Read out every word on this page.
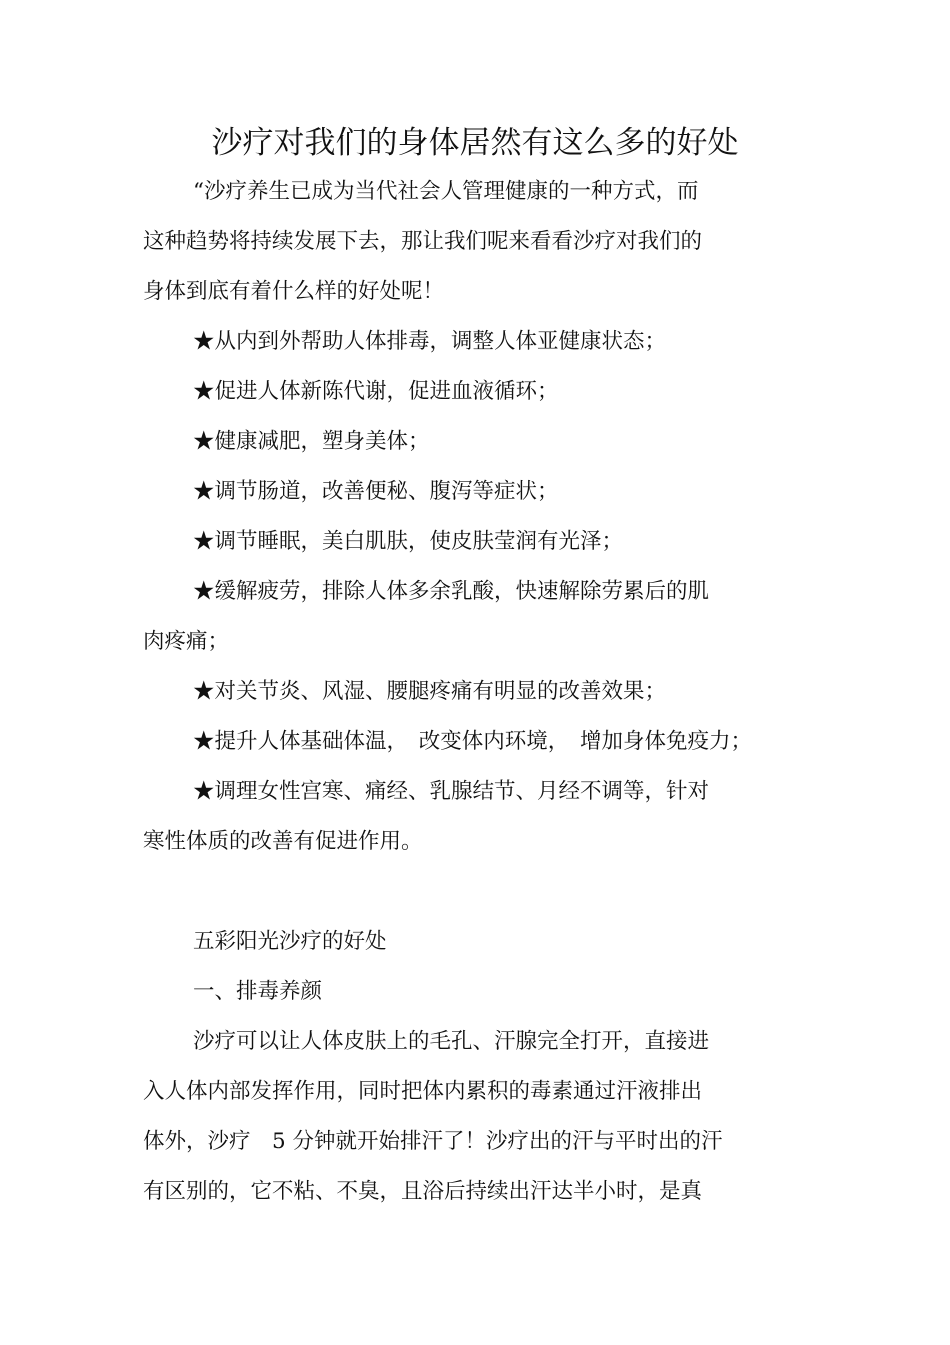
沙疗对我们的身体居然有这么多的好处
“沙疗养生已成为当代社会人管理健康的一种方式，而
这种趋势将持续发展下去，那让我们呢来看看沙疗对我们的
身体到底有着什么样的好处呢！
★从内到外帮助人体排毒，调整人体亚健康状态；
★促进人体新陈代谢，促进血液循环；
★健康减肥，塑身美体；
★调节肠道，改善便秘、腹泻等症状；
★调节睡眠，美白肌肤，使皮肤莹润有光泽；
★缓解疲劳，排除人体多余乳酸，快速解除劳累后的肌
肉疼痛；
★对关节炎、风湿、腰腿疼痛有明显的改善效果；
★提升人体基础体温，　改变体内环境，　增加身体免疫力；
★调理女性宫寒、痛经、乳腺结节、月经不调等，针对
寒性体质的改善有促进作用。
五彩阳光沙疗的好处
一、排毒养颜
沙疗可以让人体皮肤上的毛孔、汗腺完全打开，直接进
入人体内部发挥作用，同时把体内累积的毒素通过汗液排出
体外，沙疗　5 分钟就开始排汗了！沙疗出的汗与平时出的汗
有区别的，它不粘、不臭，且浴后持续出汗达半小时，是真
